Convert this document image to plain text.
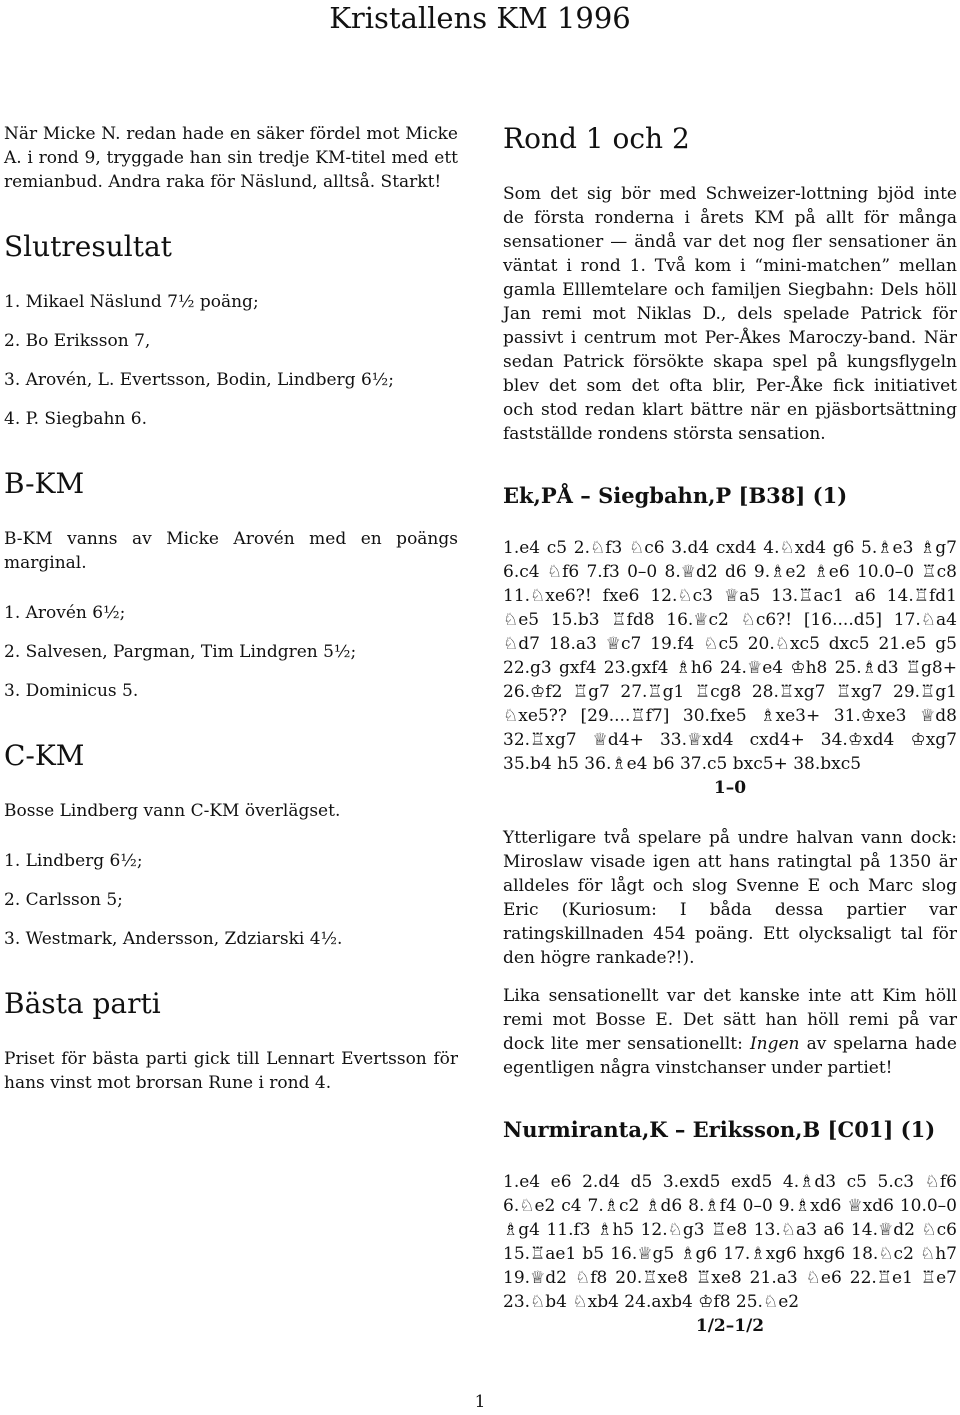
Kristallens KM 1996

När Micke N. redan hade en säker fördel mot Micke A. i rond 9, tryggade han sin tredje KM-titel med ett remianbud. Andra raka för Näslund, alltså. Starkt!

Slutresultat
1. Mikael Näslund 7½ poäng;
2. Bo Eriksson 7,
3. Arovén, L. Evertsson, Bodin, Lindberg 6½;
4. P. Siegbahn 6.
B-KM

B-KM vanns av Micke Arovén med en poängs marginal.

1. Arovén 6½;
2. Salvesen, Pargman, Tim Lindgren 5½;
3. Dominicus 5.
C-KM

Bosse Lindberg vann C-KM överlägset.

1. Lindberg 6½;
2. Carlsson 5;
3. Westmark, Andersson, Zdziarski 4½.
Bästa parti

Priset för bästa parti gick till Lennart Evertsson för hans vinst mot brorsan Rune i rond 4.

Rond 1 och 2

Som det sig bör med Schweizer-lottning bjöd inte de första ronderna i årets KM på allt för många sensationer — ändå var det nog fler sensationer än väntat i rond 1. Två kom i “mini-matchen” mellan gamla Elllemtelare och familjen Siegbahn: Dels höll Jan remi mot Niklas D., dels spelade Patrick för passivt i centrum mot Per-Åkes Maroczy-band. När sedan Patrick försökte skapa spel på kungsflygeln blev det som det ofta blir, Per-Åke fick initiativet och stod redan klart bättre när en pjäsbortsättning fastställde rondens största sensation.

Ek,PÅ – Siegbahn,P [B38] (1)

1.e4 c5 2.♘f3 ♘c6 3.d4 cxd4 4.♘xd4 g6 5.♗e3 ♗g7 6.c4 ♘f6 7.f3 0–0 8.♕d2 d6 9.♗e2 ♗e6 10.0–0 ♖c8 11.♘xe6?! fxe6 12.♘c3 ♕a5 13.♖ac1 a6 14.♖fd1 ♘e5 15.b3 ♖fd8 16.♕c2 ♘c6?! [16....d5] 17.♘a4 ♘d7 18.a3 ♕c7 19.f4 ♘c5 20.♘xc5 dxc5 21.e5 g5 22.g3 gxf4 23.gxf4 ♗h6 24.♕e4 ♔h8 25.♗d3 ♖g8+ 26.♔f2 ♖g7 27.♖g1 ♖cg8 28.♖xg7 ♖xg7 29.♖g1 ♘xe5?? [29....♖f7] 30.fxe5 ♗xe3+ 31.♔xe3 ♕d8 32.♖xg7 ♕d4+ 33.♕xd4 cxd4+ 34.♔xd4 ♔xg7 35.b4 h5 36.♗e4 b6 37.c5 bxc5+ 38.bxc5

1–0

Ytterligare två spelare på undre halvan vann dock: Miroslaw visade igen att hans ratingtal på 1350 är alldeles för lågt och slog Svenne E och Marc slog Eric (Kuriosum: I båda dessa partier var ratingskillnaden 454 poäng. Ett olycksaligt tal för den högre rankade?!).

Lika sensationellt var det kanske inte att Kim höll remi mot Bosse E. Det sätt han höll remi på var dock lite mer sensationellt: Ingen av spelarna hade egentligen några vinstchanser under partiet!

Nurmiranta,K – Eriksson,B [C01] (1)

1.e4 e6 2.d4 d5 3.exd5 exd5 4.♗d3 c5 5.c3 ♘f6 6.♘e2 c4 7.♗c2 ♗d6 8.♗f4 0–0 9.♗xd6 ♕xd6 10.0–0 ♗g4 11.f3 ♗h5 12.♘g3 ♖e8 13.♘a3 a6 14.♕d2 ♘c6 15.♖ae1 b5 16.♕g5 ♗g6 17.♗xg6 hxg6 18.♘c2 ♘h7 19.♕d2 ♘f8 20.♖xe8 ♖xe8 21.a3 ♘e6 22.♖e1 ♖e7 23.♘b4 ♘xb4 24.axb4 ♔f8 25.♘e2

1/2–1/2

1
